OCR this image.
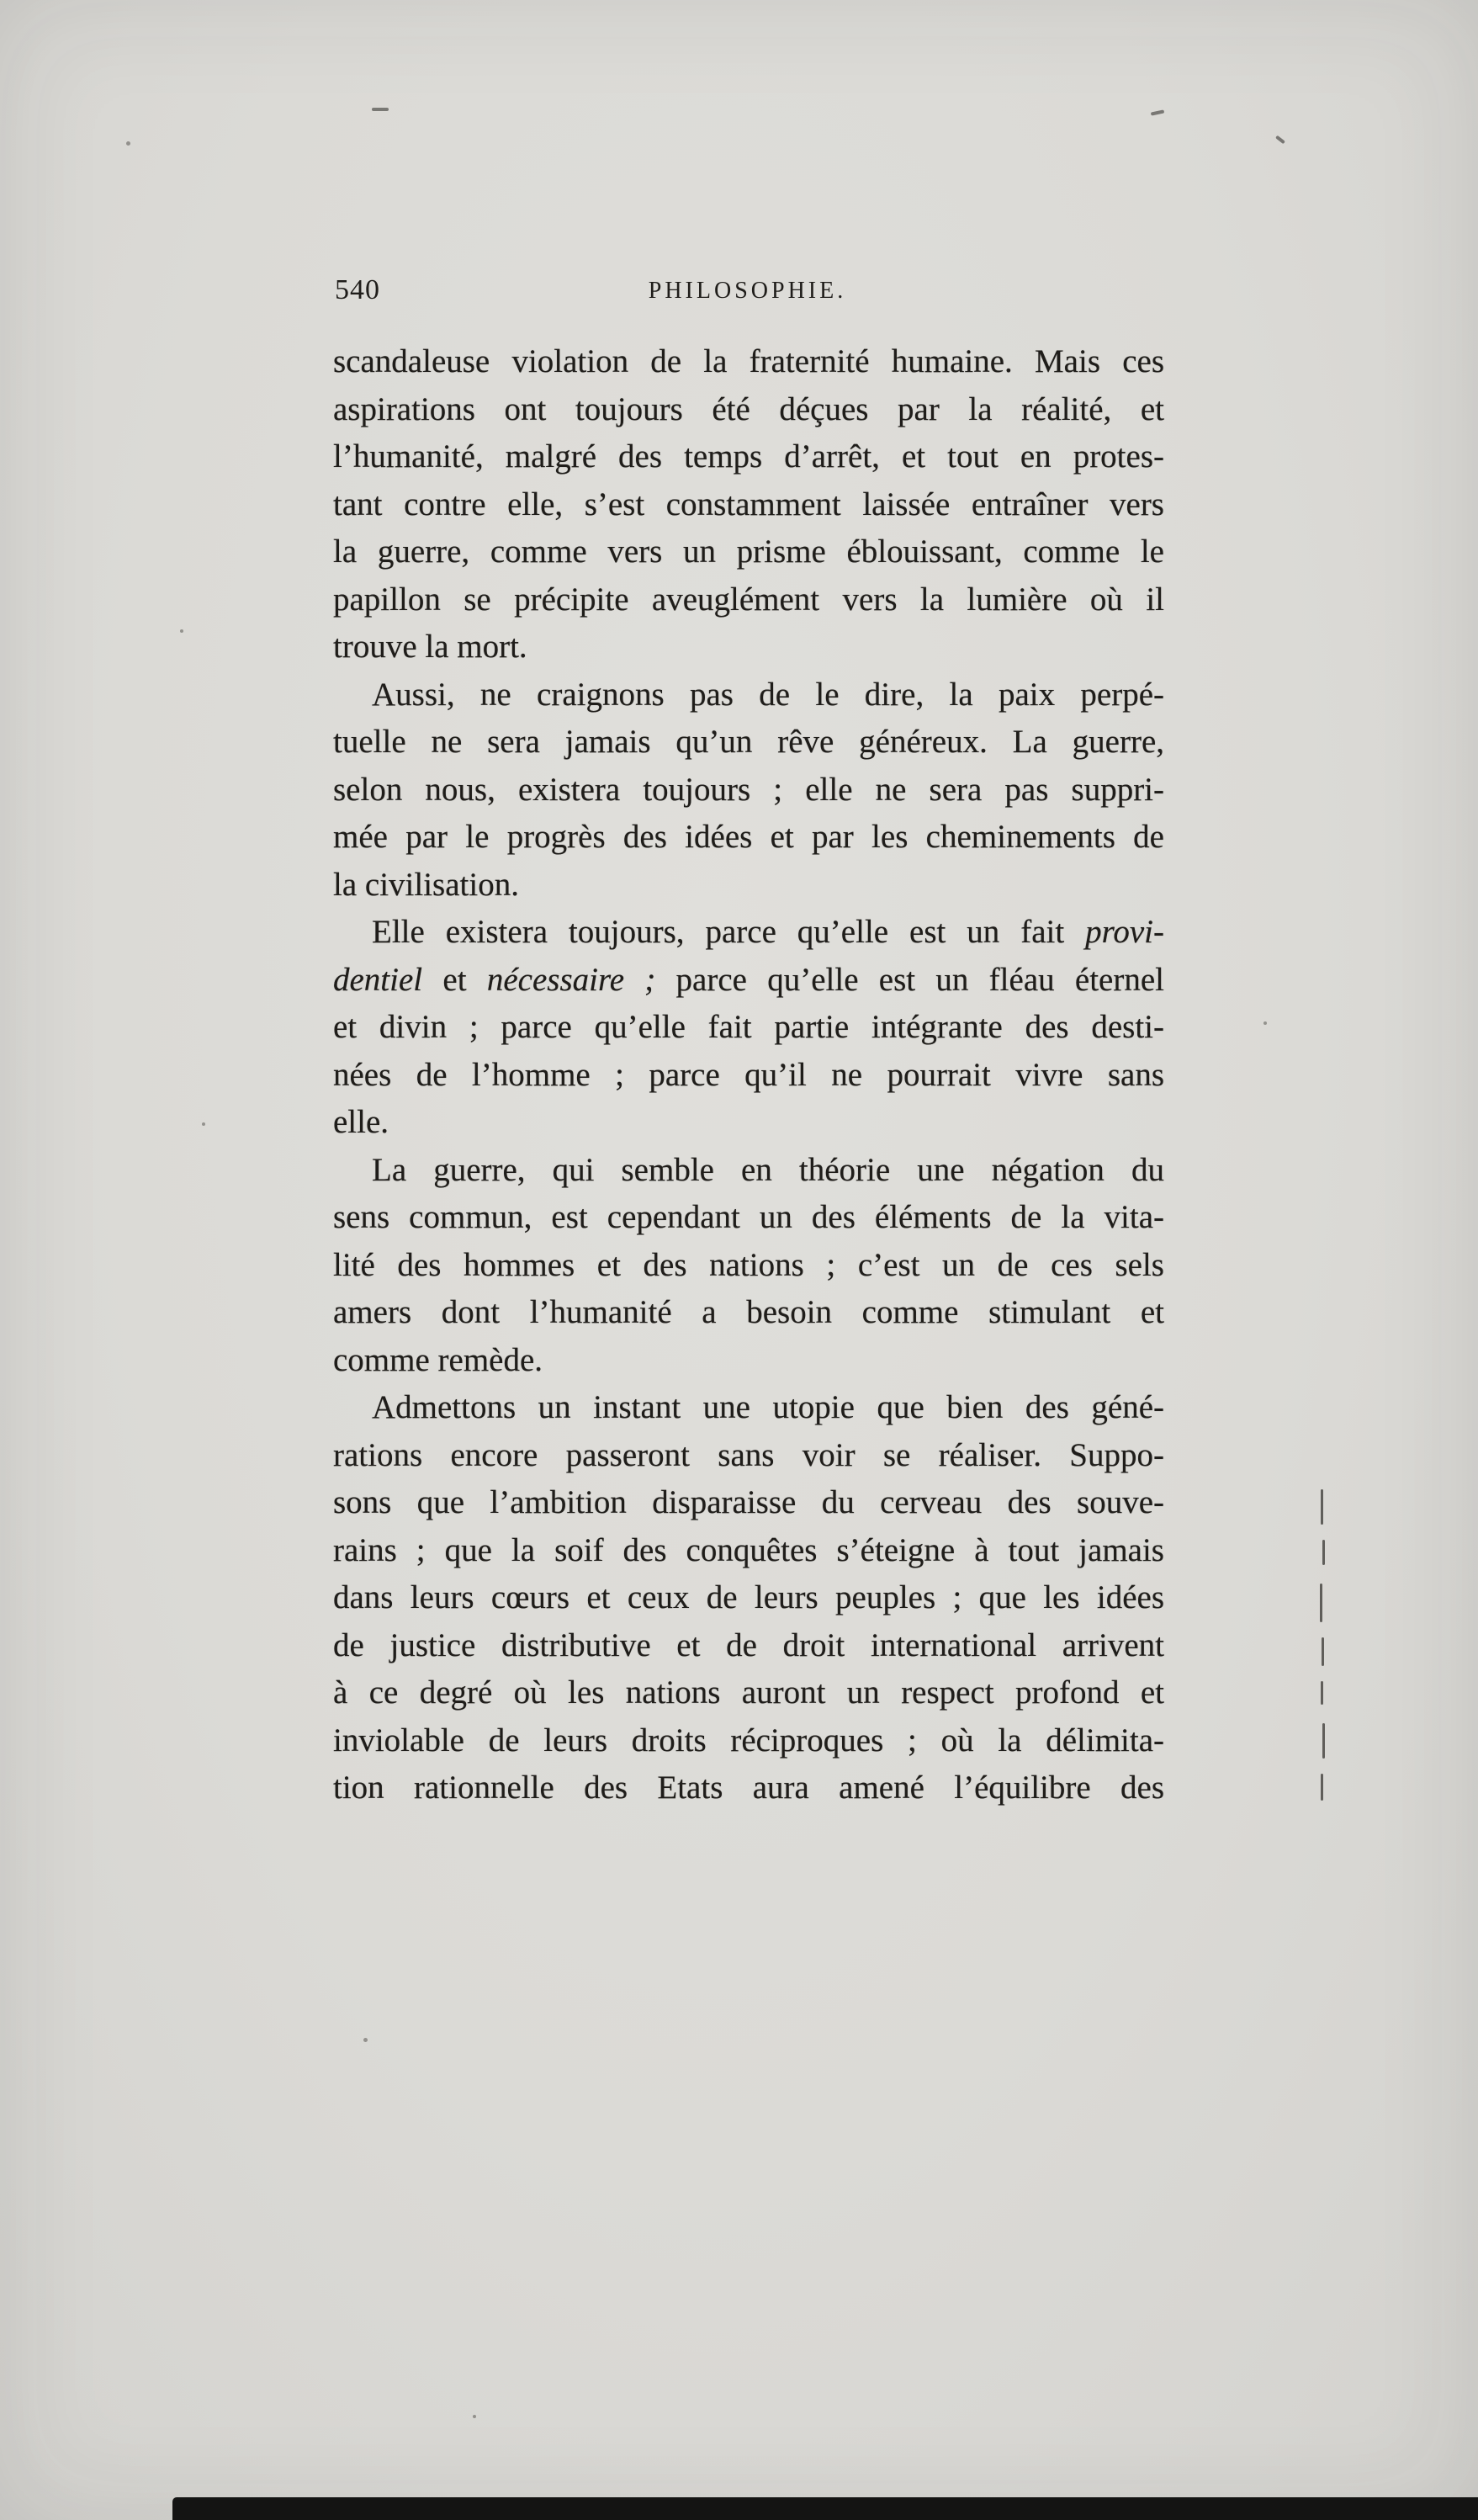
540	PHILOSOPHIE.
scandaleuse violation de la fraternité humaine. Mais ces
aspirations ont toujours été déçues par la réalité, et
l’humanité, malgré des temps d’arrêt, et tout en protes-
tant contre elle, s’est constamment laissée entraîner vers
la guerre, comme vers un prisme éblouissant, comme le
papillon se précipite aveuglément vers la lumière où il
trouve la mort.
Aussi, ne craignons pas de le dire, la paix perpé-
tuelle ne sera jamais qu’un rêve généreux. La guerre,
selon nous, existera toujours ; elle ne sera pas suppri-
mée par le progrès des idées et par les cheminements de
la civilisation.
Elle existera toujours, parce qu’elle est un fait provi-
dentiel et nécessaire ; parce qu’elle est un fléau éternel
et divin ; parce qu’elle fait partie intégrante des desti-
nées de l’homme ; parce qu’il ne pourrait vivre sans
elle.
La guerre, qui semble en théorie une négation du
sens commun, est cependant un des éléments de la vita-
lité des hommes et des nations ; c’est un de ces sels
amers dont l’humanité a besoin comme stimulant et
comme remède.
Admettons un instant une utopie que bien des géné-
rations encore passeront sans voir se réaliser. Suppo-
sons que l’ambition disparaisse du cerveau des souve-
rains ; que la soif des conquêtes s’éteigne à tout jamais
dans leurs cœurs et ceux de leurs peuples ; que les idées
de justice distributive et de droit international arrivent
à ce degré où les nations auront un respect profond et
inviolable de leurs droits réciproques ; où la délimita-
tion rationnelle des Etats aura amené l’équilibre des
